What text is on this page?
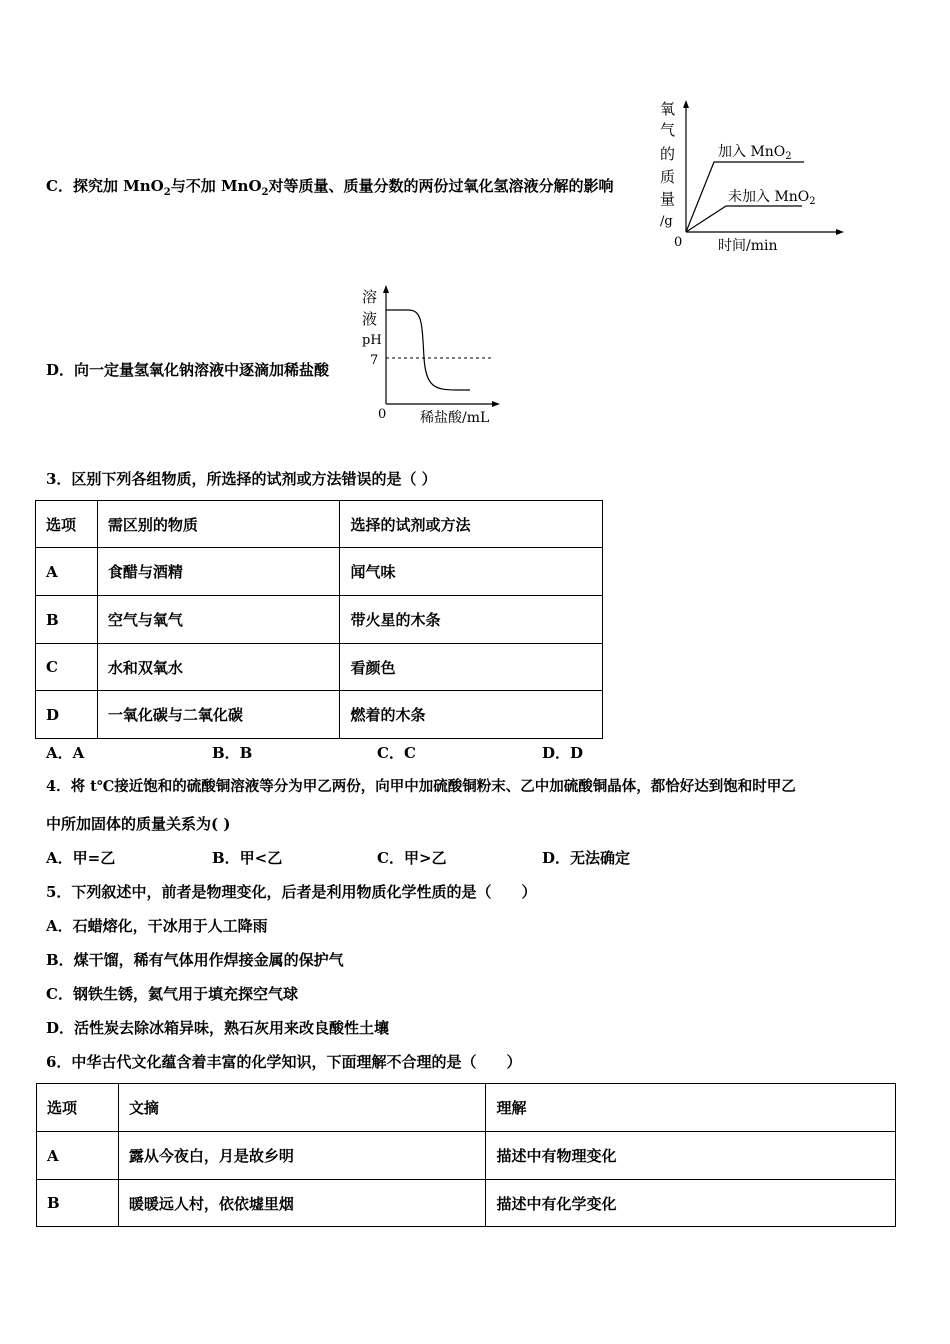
C．探究加 MnO$_2$与不加 MnO$_2$对等质量、质量分数的两份过氧化氢溶液分解的影响
氧
气
的
质
量
/g
0	时间/min
加入 MnO$_2$
未加入 MnO$_2$
D．向一定量氢氧化钠溶液中逐滴加稀盐酸
溶
液
pH
7
0 稀盐酸/mL
3．区别下列各组物质，所选择的试剂或方法错误的是（ ）
选项	需区别的物质	选择的试剂或方法
A	食醋与酒精	闻气味
B	空气与氧气	带火星的木条
C	水和双氧水	看颜色
D	一氧化碳与二氧化碳	燃着的木条
A．A	B．B	C．C	D．D
4．将 t℃接近饱和的硫酸铜溶液等分为甲乙两份，向甲中加硫酸铜粉末、乙中加硫酸铜晶体，都恰好达到饱和时甲乙
中所加固体的质量关系为( )
A．甲=乙	B．甲<乙	C．甲>乙	D．无法确定
5．下列叙述中，前者是物理变化，后者是利用物质化学性质的是（　　）
A．石蜡熔化，干冰用于人工降雨
B．煤干馏，稀有气体用作焊接金属的保护气
C．钢铁生锈，氦气用于填充探空气球
D．活性炭去除冰箱异味，熟石灰用来改良酸性土壤
6．中华古代文化蕴含着丰富的化学知识，下面理解不合理的是（　　）
选项	文摘	理解
A	露从今夜白，月是故乡明	描述中有物理变化
B	暖暖远人村，依依墟里烟	描述中有化学变化
